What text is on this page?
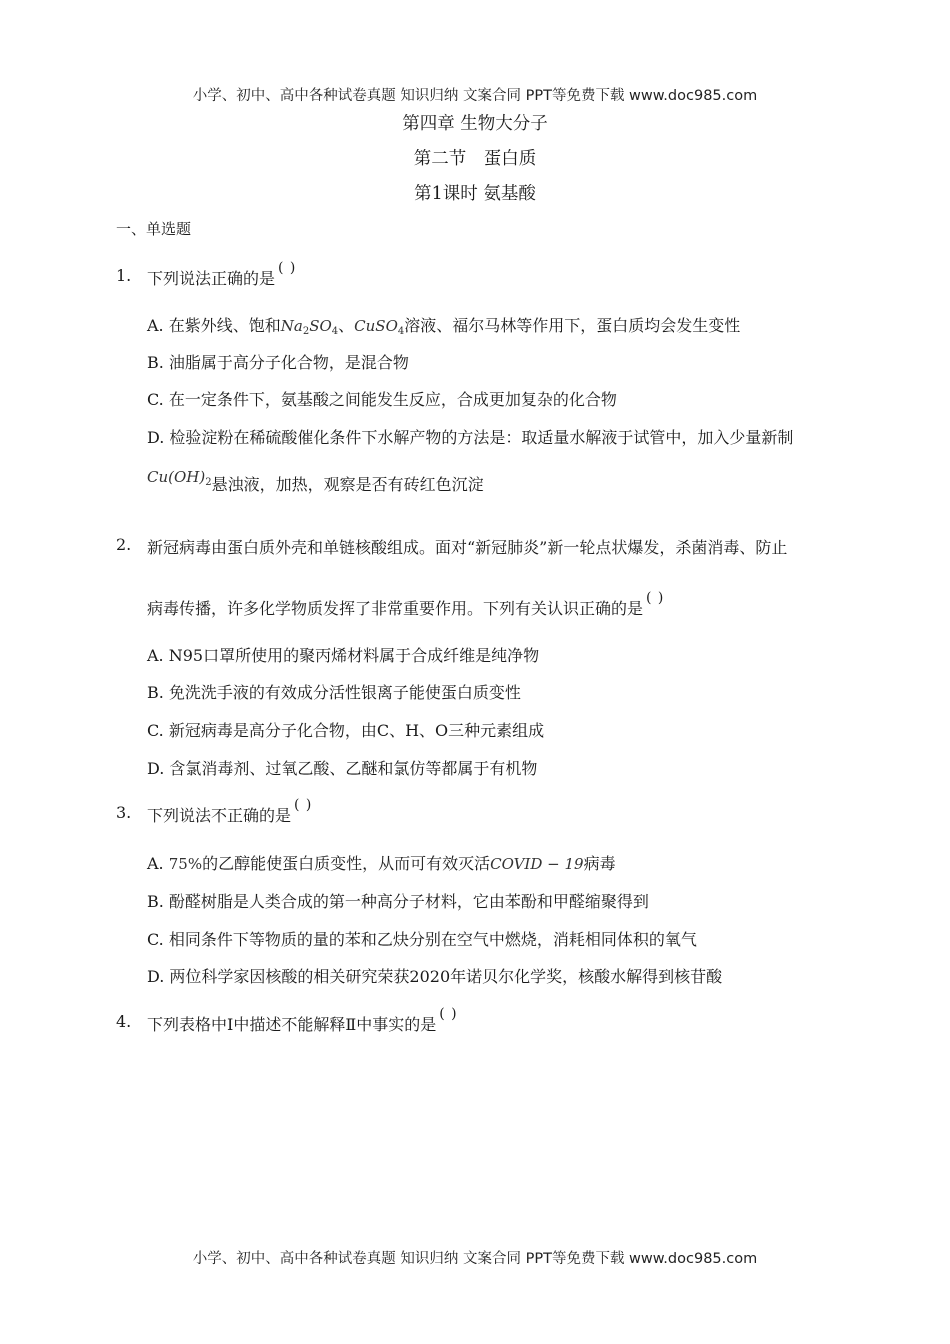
小学、初中、高中各种试卷真题 知识归纳 文案合同 PPT等免费下载 www.doc985.com
第四章 生物大分子
第二节　蛋白质
第1课时 氨基酸
一、单选题
1. 下列说法正确的是( )
A. 在紫外线、饱和$Na_2SO_4$、CuSO$_4$溶液、福尔马林等作用下，蛋白质均会发生变性
B. 油脂属于高分子化合物，是混合物
C. 在一定条件下，氨基酸之间能发生反应，合成更加复杂的化合物
D. 检验淀粉在稀硫酸催化条件下水解产物的方法是：取适量水解液于试管中，加入少量新制
$Cu(OH)_2$悬浊液，加热，观察是否有砖红色沉淀
2. 新冠病毒由蛋白质外壳和单链核酸组成。面对“新冠肺炎”新一轮点状爆发，杀菌消毒、防止
病毒传播，许多化学物质发挥了非常重要作用。下列有关认识正确的是( )
A. N95口罩所使用的聚丙烯材料属于合成纤维是纯净物
B. 免洗洗手液的有效成分活性银离子能使蛋白质变性
C. 新冠病毒是高分子化合物，由C、H、O三种元素组成
D. 含氯消毒剂、过氧乙酸、乙醚和氯仿等都属于有机物
3. 下列说法不正确的是( )
A. 75%的乙醇能使蛋白质变性，从而可有效灭活COVID − 19病毒
B. 酚醛树脂是人类合成的第一种高分子材料，它由苯酚和甲醛缩聚得到
C. 相同条件下等物质的量的苯和乙炔分别在空气中燃烧，消耗相同体积的氧气
D. 两位科学家因核酸的相关研究荣获2020年诺贝尔化学奖，核酸水解得到核苷酸
4. 下列表格中Ⅰ中描述不能解释Ⅱ中事实的是( )
小学、初中、高中各种试卷真题 知识归纳 文案合同 PPT等免费下载 www.doc985.com
